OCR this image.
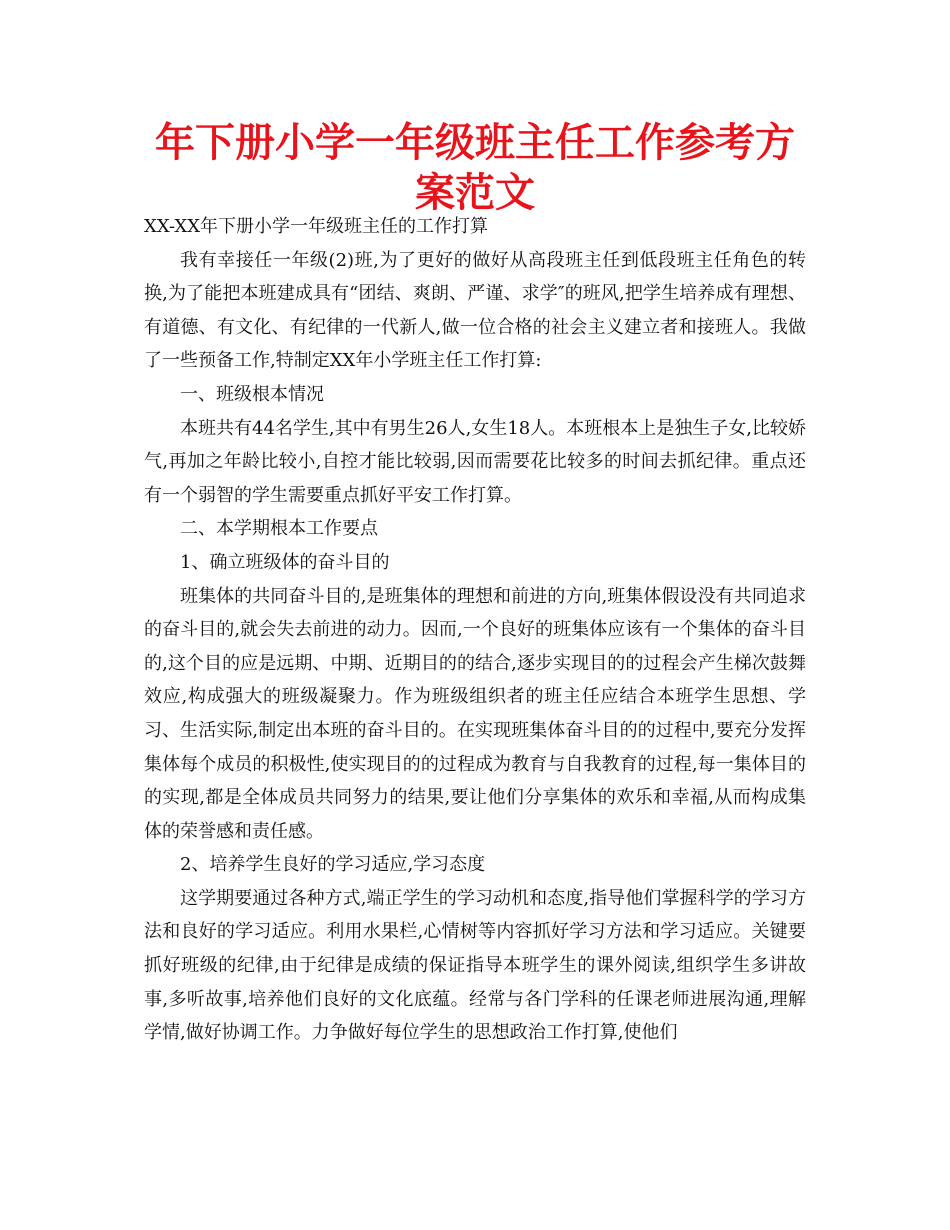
年下册小学一年级班主任工作参考方案范文

XX-XX年下册小学一年级班主任的工作打算

我有幸接任一年级(2)班,为了更好的做好从高段班主任到低段班主任角色的转换,为了能把本班建成具有“团结、爽朗、严谨、求学″的班风,把学生培养成有理想、有道德、有文化、有纪律的一代新人,做一位合格的社会主义建立者和接班人。我做了一些预备工作,特制定XX年小学班主任工作打算:

一、班级根本情况

本班共有44名学生,其中有男生26人,女生18人。本班根本上是独生子女,比较娇气,再加之年龄比较小,自控才能比较弱,因而需要花比较多的时间去抓纪律。重点还有一个弱智的学生需要重点抓好平安工作打算。

二、本学期根本工作要点

1、确立班级体的奋斗目的

班集体的共同奋斗目的,是班集体的理想和前进的方向,班集体假设没有共同追求的奋斗目的,就会失去前进的动力。因而,一个良好的班集体应该有一个集体的奋斗目的,这个目的应是远期、中期、近期目的的结合,逐步实现目的的过程会产生梯次鼓舞效应,构成强大的班级凝聚力。作为班级组织者的班主任应结合本班学生思想、学习、生活实际,制定出本班的奋斗目的。在实现班集体奋斗目的的过程中,要充分发挥集体每个成员的积极性,使实现目的的过程成为教育与自我教育的过程,每一集体目的的实现,都是全体成员共同努力的结果,要让他们分享集体的欢乐和幸福,从而构成集体的荣誉感和责任感。

2、培养学生良好的学习适应,学习态度

这学期要通过各种方式,端正学生的学习动机和态度,指导他们掌握科学的学习方法和良好的学习适应。利用水果栏,心情树等内容抓好学习方法和学习适应。关键要抓好班级的纪律,由于纪律是成绩的保证指导本班学生的课外阅读,组织学生多讲故事,多听故事,培养他们良好的文化底蕴。经常与各门学科的任课老师进展沟通,理解学情,做好协调工作。力争做好每位学生的思想政治工作打算,使他们
